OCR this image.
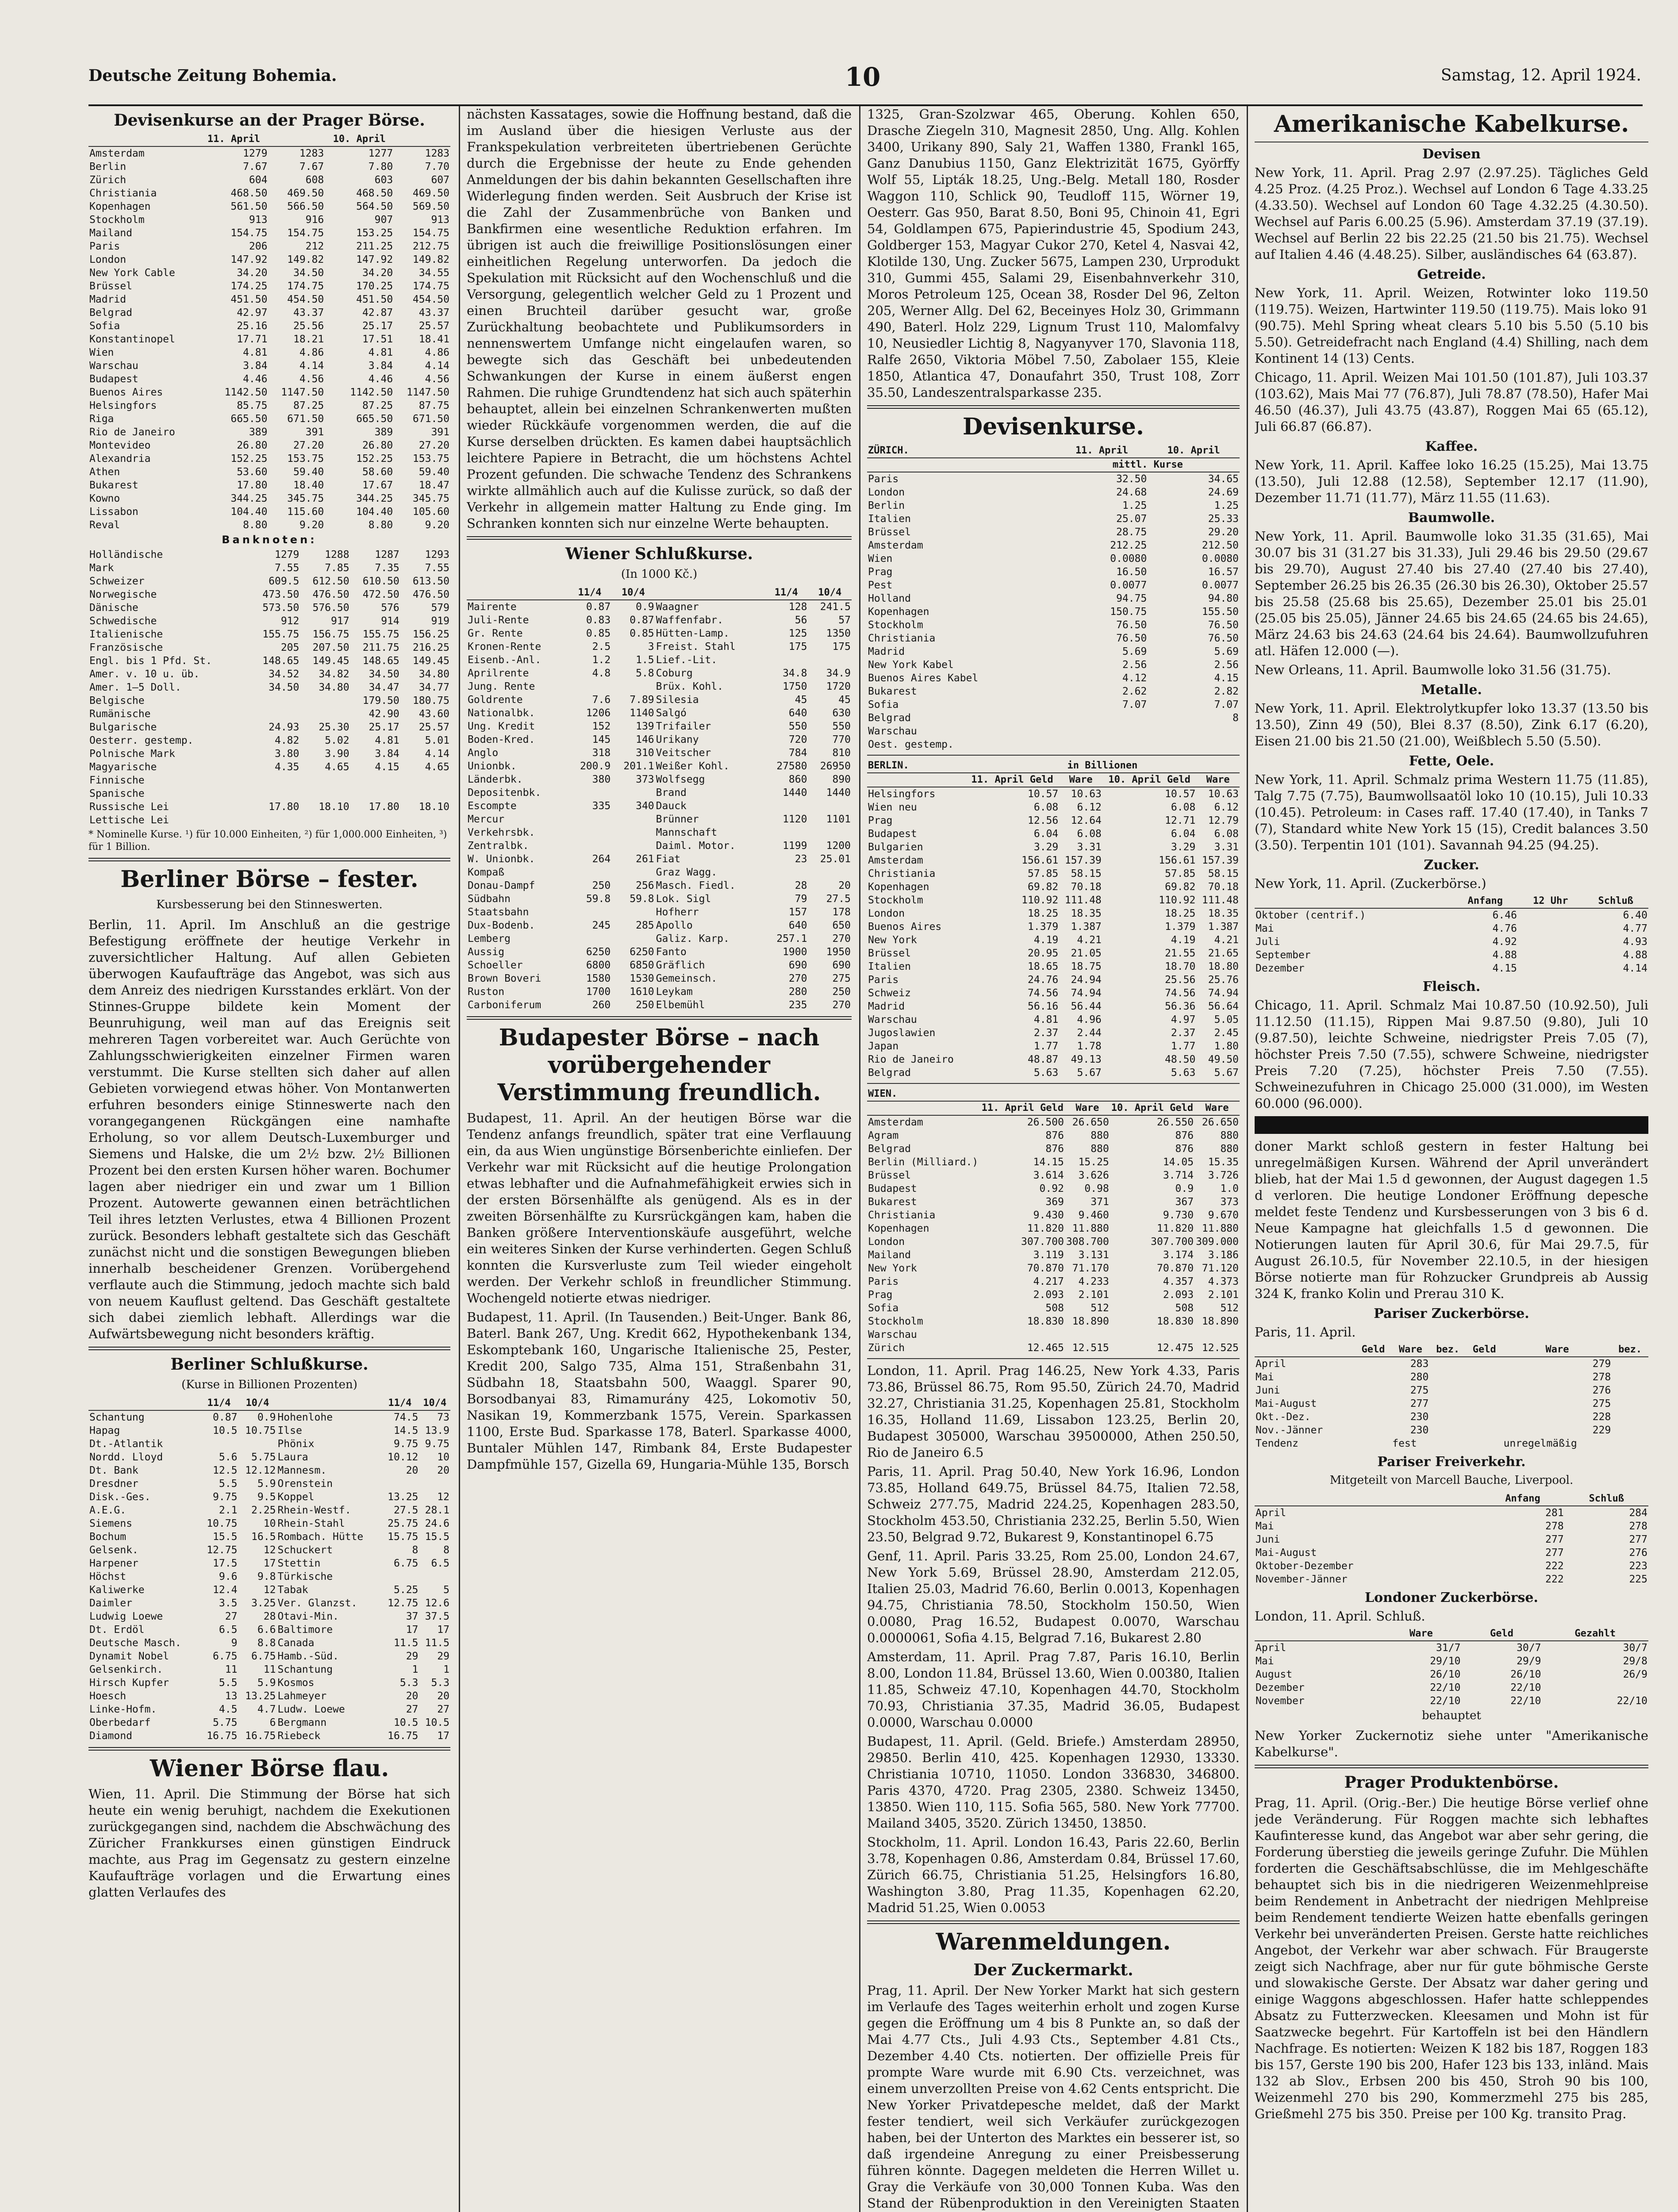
Deutsche Zeitung Bohemia.	10	Samstag, 12. April 1924.
Devisenkurse an der Prager Börse.
	11. April		10. April	
Amsterdam	1279	1283	1277	1283
Berlin	7.67	7.67	7.80	7.70
Zürich	604	608	603	607
Christiania	468.50	469.50	468.50	469.50
Kopenhagen	561.50	566.50	564.50	569.50
Stockholm	913	916	907	913
Mailand	154.75	154.75	153.25	154.75
Paris	206	212	211.25	212.75
London	147.92	149.82	147.92	149.82
New York Cable	34.20	34.50	34.20	34.55
Brüssel	174.25	174.75	170.25	174.75
Madrid	451.50	454.50	451.50	454.50
Belgrad	42.97	43.37	42.87	43.37
Sofia	25.16	25.56	25.17	25.57
Konstantinopel	17.71	18.21	17.51	18.41
Wien	4.81	4.86	4.81	4.86
Warschau	3.84	4.14	3.84	4.14
Budapest	4.46	4.56	4.46	4.56
Buenos Aires	1142.50	1147.50	1142.50	1147.50
Helsingfors	85.75	87.25	87.25	87.75
Riga	665.50	671.50	665.50	671.50
Rio de Janeiro	389	391	389	391
Montevideo	26.80	27.20	26.80	27.20
Alexandria	152.25	153.75	152.25	153.75
Athen	53.60	59.40	58.60	59.40
Bukarest	17.80	18.40	17.67	18.47
Kowno	344.25	345.75	344.25	345.75
Lissabon	104.40	115.60	104.40	105.60
Reval	8.80	9.20	8.80	9.20
Banknoten:
Holländische	1279	1288	1287	1293
Mark	7.55	7.85	7.35	7.55
Schweizer	609.5	612.50	610.50	613.50
Norwegische	473.50	476.50	472.50	476.50
Dänische	573.50	576.50	576	579
Schwedische	912	917	914	919
Italienische	155.75	156.75	155.75	156.25
Französische	205	207.50	211.75	216.25
Engl. bis 1 Pfd. St.	148.65	149.45	148.65	149.45
Amer. v. 10 u. üb.	34.52	34.82	34.50	34.80
Amer. 1–5 Doll.	34.50	34.80	34.47	34.77
Belgische			179.50	180.75
Rumänische			42.90	43.60
Bulgarische	24.93	25.30	25.17	25.57
Oesterr. gestemp.	4.82	5.02	4.81	5.01
Polnische Mark	3.80	3.90	3.84	4.14
Magyarische	4.35	4.65	4.15	4.65
Finnische				
Spanische				
Russische Lei	17.80	18.10	17.80	18.10
Lettische Lei				
* Nominelle Kurse. ¹) für 10.000 Einheiten, ²) für 1,000.000 Einheiten, ³) für 1 Billion.
Berliner Börse – fester.
Kursbesserung bei den Stinneswerten.

Berlin, 11. April. Im Anschluß an die gestrige Befestigung eröffnete der heutige Verkehr in zuversichtlicher Haltung. Auf allen Gebieten überwogen Kaufaufträge das Angebot, was sich aus dem Anreiz des niedrigen Kursstandes erklärt. Von der Stinnes-Gruppe bildete kein Moment der Beunruhigung, weil man auf das Ereignis seit mehreren Tagen vorbereitet war. Auch Gerüchte von Zahlungsschwierigkeiten einzelner Firmen waren verstummt. Die Kurse stellten sich daher auf allen Gebieten vorwiegend etwas höher. Von Montanwerten erfuhren besonders einige Stinneswerte nach den vorangegangenen Rückgängen eine namhafte Erholung, so vor allem Deutsch-Luxemburger und Siemens und Halske, die um 2½ bzw. 2½ Billionen Prozent bei den ersten Kursen höher waren. Bochumer lagen aber niedriger ein und zwar um 1 Billion Prozent. Autowerte gewannen einen beträchtlichen Teil ihres letzten Verlustes, etwa 4 Billionen Prozent zurück. Besonders lebhaft gestaltete sich das Geschäft zunächst nicht und die sonstigen Bewegungen blieben innerhalb bescheidener Grenzen. Vorübergehend verflaute auch die Stimmung, jedoch machte sich bald von neuem Kauflust geltend. Das Geschäft gestaltete sich dabei ziemlich lebhaft. Allerdings war die Aufwärtsbewegung nicht besonders kräftig.

Berliner Schlußkurse.
(Kurse in Billionen Prozenten)
	11/4	10/4		11/4	10/4
Schantung	0.87	0.9	Hohenlohe	74.5	73
Hapag	10.5	10.75	Ilse	14.5	13.9
Dt.-Atlantik			Phönix	9.75	9.75
Nordd. Lloyd	5.6	5.75	Laura	10.12	10
Dt. Bank	12.5	12.12	Mannesm.	20	20
Dresdner	5.5	5.9	Orenstein		
Disk.-Ges.	9.75	9.5	Koppel	13.25	12
A.E.G.	2.1	2.25	Rhein-Westf.	27.5	28.1
Siemens	10.75	10	Rhein-Stahl	25.75	24.6
Bochum	15.5	16.5	Rombach. Hütte	15.75	15.5
Gelsenk.	12.75	12	Schuckert	8	8
Harpener	17.5	17	Stettin	6.75	6.5
Höchst	9.6	9.8	Türkische		
Kaliwerke	12.4	12	Tabak	5.25	5
Daimler	3.5	3.25	Ver. Glanzst.	12.75	12.6
Ludwig Loewe	27	28	Otavi-Min.	37	37.5
Dt. Erdöl	6.5	6.6	Baltimore	17	17
Deutsche Masch.	9	8.8	Canada	11.5	11.5
Dynamit Nobel	6.75	6.75	Hamb.-Süd.	29	29
Gelsenkirch.	11	11	Schantung	1	1
Hirsch Kupfer	5.5	5.9	Kosmos	5.3	5.3
Hoesch	13	13.25	Lahmeyer	20	20
Linke-Hofm.	4.5	4.7	Ludw. Loewe	27	27
Oberbedarf	5.75	6	Bergmann	10.5	10.5
Diamond	16.75	16.75	Riebeck	16.75	17
Wiener Börse flau.

Wien, 11. April. Die Stimmung der Börse hat sich heute ein wenig beruhigt, nachdem die Exekutionen zurückgegangen sind, nachdem die Abschwächung des Züricher Frankkurses einen günstigen Eindruck machte, aus Prag im Gegensatz zu gestern einzelne Kaufaufträge vorlagen und die Erwartung eines glatten Verlaufes des

nächsten Kassatages, sowie die Hoffnung bestand, daß die im Ausland über die hiesigen Verluste aus der Frankspekulation verbreiteten übertriebenen Gerüchte durch die Ergebnisse der heute zu Ende gehenden Anmeldungen der bis dahin bekannten Gesellschaften ihre Widerlegung finden werden. Seit Ausbruch der Krise ist die Zahl der Zusammenbrüche von Banken und Bankfirmen eine wesentliche Reduktion erfahren. Im übrigen ist auch die freiwillige Positionslösungen einer einheitlichen Regelung unterworfen. Da jedoch die Spekulation mit Rücksicht auf den Wochenschluß und die Versorgung, gelegentlich welcher Geld zu 1 Prozent und einen Bruchteil darüber gesucht war, große Zurückhaltung beobachtete und Publikumsorders in nennenswertem Umfange nicht eingelaufen waren, so bewegte sich das Geschäft bei unbedeutenden Schwankungen der Kurse in einem äußerst engen Rahmen. Die ruhige Grundtendenz hat sich auch späterhin behauptet, allein bei einzelnen Schrankenwerten mußten wieder Rückkäufe vorgenommen werden, die auf die Kurse derselben drückten. Es kamen dabei hauptsächlich leichtere Papiere in Betracht, die um höchstens Achtel Prozent gefunden. Die schwache Tendenz des Schrankens wirkte allmählich auch auf die Kulisse zurück, so daß der Verkehr in allgemein matter Haltung zu Ende ging. Im Schranken konnten sich nur einzelne Werte behaupten.

Wiener Schlußkurse.
(In 1000 Kč.)
	11/4	10/4		11/4	10/4
Mairente	0.87	0.9	Waagner	128	241.5
Juli-Rente	0.83	0.87	Waffenfabr.	56	57
Gr. Rente	0.85	0.85	Hütten-Lamp.	125	1350
Kronen-Rente	2.5	3	Freist. Stahl	175	175
Eisenb.-Anl.	1.2	1.5	Lief.-Lit.		
Aprilrente	4.8	5.8	Coburg	34.8	34.9
Jung. Rente			Brüx. Kohl.	1750	1720
Goldrente	7.6	7.89	Silesia	45	45
Nationalbk.	1206	1140	Salgó	640	630
Ung. Kredit	152	139	Trifailer	550	550
Boden-Kred.	145	146	Urikany	720	770
Anglo	318	310	Veitscher	784	810
Unionbk.	200.9	201.1	Weißer Kohl.	27580	26950
Länderbk.	380	373	Wolfsegg	860	890
Depositenbk.			Brand	1440	1440
Escompte	335	340	Dauck		
Mercur			Brünner	1120	1101
Verkehrsbk.			Mannschaft		
Zentralbk.			Daiml. Motor.	1199	1200
W. Unionbk.	264	261	Fiat	23	25.01
Kompaß			Graz Wagg.		
Donau-Dampf	250	256	Masch. Fiedl.	28	20
Südbahn	59.8	59.8	Lok. Sigl	79	27.5
Staatsbahn			Hofherr	157	178
Dux-Bodenb.	245	285	Apollo	640	650
Lemberg			Galiz. Karp.	257.1	270
Aussig	6250	6250	Fanto	1900	1950
Schoeller	6800	6850	Gräflich	690	690
Brown Boveri	1580	1530	Gemeinsch.	270	275
Ruston	1700	1610	Leykam	280	250
Carboniferum	260	250	Elbemühl	235	270
Budapester Börse – nach vorübergehender Verstimmung freundlich.

Budapest, 11. April. An der heutigen Börse war die Tendenz anfangs freundlich, später trat eine Verflauung ein, da aus Wien ungünstige Börsenberichte einliefen. Der Verkehr war mit Rücksicht auf die heutige Prolongation etwas lebhafter und die Aufnahmefähigkeit erwies sich in der ersten Börsenhälfte als genügend. Als es in der zweiten Börsenhälfte zu Kursrückgängen kam, haben die Banken größere Interventionskäufe ausgeführt, welche ein weiteres Sinken der Kurse verhinderten. Gegen Schluß konnten die Kursverluste zum Teil wieder eingeholt werden. Der Verkehr schloß in freundlicher Stimmung. Wochengeld notierte etwas niedriger.

Budapest, 11. April. (In Tausenden.) Beit-Unger. Bank 86, Baterl. Bank 267, Ung. Kredit 662, Hypothekenbank 134, Eskomptebank 160, Ungarische Italienische 25, Pester, Kredit 200, Salgo 735, Alma 151, Straßenbahn 31, Südbahn 18, Staatsbahn 500, Waaggl. Sparer 90, Borsodbanyai 83, Rimamurány 425, Lokomotiv 50, Nasikan 19, Kommerzbank 1575, Verein. Sparkassen 1100, Erste Bud. Sparkasse 178, Baterl. Sparkasse 4000, Buntaler Mühlen 147, Rimbank 84, Erste Budapester Dampfmühle 157, Gizella 69, Hungaria-Mühle 135, Borsch

1325, Gran-Szolzwar 465, Oberung. Kohlen 650, Drasche Ziegeln 310, Magnesit 2850, Ung. Allg. Kohlen 3400, Urikany 890, Saly 21, Waffen 1380, Frankl 165, Ganz Danubius 1150, Ganz Elektrizität 1675, Györffy Wolf 55, Lipták 18.25, Ung.-Belg. Metall 180, Rosder Waggon 110, Schlick 90, Teudloff 115, Wörner 19, Oesterr. Gas 950, Barat 8.50, Boni 95, Chinoin 41, Egri 54, Goldlampen 675, Papierindustrie 45, Spodium 243, Goldberger 153, Magyar Cukor 270, Ketel 4, Nasvai 42, Klotilde 130, Ung. Zucker 5675, Lampen 230, Urprodukt 310, Gummi 455, Salami 29, Eisenbahnverkehr 310, Moros Petroleum 125, Ocean 38, Rosder Del 96, Zelton 205, Werner Allg. Del 62, Beceinyes Holz 30, Grimmann 490, Baterl. Holz 229, Lignum Trust 110, Malomfalvy 10, Neusiedler Lichtig 8, Nagyanyver 170, Slavonia 118, Ralfe 2650, Viktoria Möbel 7.50, Zabolaer 155, Kleie 1850, Atlantica 47, Donaufahrt 350, Trust 108, Zorr 35.50, Landeszentralsparkasse 235.

Devisenkurse.
ZÜRICH.	11. April	10. April
	mittl. Kurse	
Paris	32.50	34.65
London	24.68	24.69
Berlin	1.25	1.25
Italien	25.07	25.33
Brüssel	28.75	29.20
Amsterdam	212.25	212.50
Wien	0.0080	0.0080
Prag	16.50	16.57
Pest	0.0077	0.0077
Holland	94.75	94.80
Kopenhagen	150.75	155.50
Stockholm	76.50	76.50
Christiania	76.50	76.50
Madrid	5.69	5.69
New York Kabel	2.56	2.56
Buenos Aires Kabel	4.12	4.15
Bukarest	2.62	2.82
Sofia	7.07	7.07
Belgrad		8
Warschau		
Oest. gestemp.		
BERLIN.	in Billionen			
	11. April Geld	Ware	10. April Geld	Ware
Helsingfors	10.57	10.63	10.57	10.63
Wien neu	6.08	6.12	6.08	6.12
Prag	12.56	12.64	12.71	12.79
Budapest	6.04	6.08	6.04	6.08
Bulgarien	3.29	3.31	3.29	3.31
Amsterdam	156.61	157.39	156.61	157.39
Christiania	57.85	58.15	57.85	58.15
Kopenhagen	69.82	70.18	69.82	70.18
Stockholm	110.92	111.48	110.92	111.48
London	18.25	18.35	18.25	18.35
Buenos Aires	1.379	1.387	1.379	1.387
New York	4.19	4.21	4.19	4.21
Brüssel	20.95	21.05	21.55	21.65
Italien	18.65	18.75	18.70	18.80
Paris	24.76	24.94	25.56	25.76
Schweiz	74.56	74.94	74.56	74.94
Madrid	56.16	56.44	56.36	56.64
Warschau	4.81	4.96	4.97	5.05
Jugoslawien	2.37	2.44	2.37	2.45
Japan	1.77	1.78	1.77	1.80
Rio de Janeiro	48.87	49.13	48.50	49.50
Belgrad	5.63	5.67	5.63	5.67
WIEN.				
	11. April Geld	Ware	10. April Geld	Ware
Amsterdam	26.500	26.650	26.550	26.650
Agram	876	880	876	880
Belgrad	876	880	876	880
Berlin (Milliard.)	14.15	15.25	14.05	15.35
Brüssel	3.614	3.626	3.714	3.726
Budapest	0.92	0.98	0.9	1.0
Bukarest	369	371	367	373
Christiania	9.430	9.460	9.730	9.670
Kopenhagen	11.820	11.880	11.820	11.880
London	307.700	308.700	307.700	309.000
Mailand	3.119	3.131	3.174	3.186
New York	70.870	71.170	70.870	71.120
Paris	4.217	4.233	4.357	4.373
Prag	2.093	2.101	2.093	2.101
Sofia	508	512	508	512
Stockholm	18.830	18.890	18.830	18.890
Warschau				
Zürich	12.465	12.515	12.475	12.525

London, 11. April. Prag 146.25, New York 4.33, Paris 73.86, Brüssel 86.75, Rom 95.50, Zürich 24.70, Madrid 32.27, Christiania 31.25, Kopenhagen 25.81, Stockholm 16.35, Holland 11.69, Lissabon 123.25, Berlin 20, Budapest 305000, Warschau 39500000, Athen 250.50, Rio de Janeiro 6.5

Paris, 11. April. Prag 50.40, New York 16.96, London 73.85, Holland 649.75, Brüssel 84.75, Italien 72.58, Schweiz 277.75, Madrid 224.25, Kopenhagen 283.50, Stockholm 453.50, Christiania 232.25, Berlin 5.50, Wien 23.50, Belgrad 9.72, Bukarest 9, Konstantinopel 6.75

Genf, 11. April. Paris 33.25, Rom 25.00, London 24.67, New York 5.69, Brüssel 28.90, Amsterdam 212.05, Italien 25.03, Madrid 76.60, Berlin 0.0013, Kopenhagen 94.75, Christiania 78.50, Stockholm 150.50, Wien 0.0080, Prag 16.52, Budapest 0.0070, Warschau 0.0000061, Sofia 4.15, Belgrad 7.16, Bukarest 2.80

Amsterdam, 11. April. Prag 7.87, Paris 16.10, Berlin 8.00, London 11.84, Brüssel 13.60, Wien 0.00380, Italien 11.85, Schweiz 47.10, Kopenhagen 44.70, Stockholm 70.93, Christiania 37.35, Madrid 36.05, Budapest 0.0000, Warschau 0.0000

Budapest, 11. April. (Geld. Briefe.) Amsterdam 28950, 29850. Berlin 410, 425. Kopenhagen 12930, 13330. Christiania 10710, 11050. London 336830, 346800. Paris 4370, 4720. Prag 2305, 2380. Schweiz 13450, 13850. Wien 110, 115. Sofia 565, 580. New York 77700. Mailand 3405, 3520. Zürich 13450, 13850.

Stockholm, 11. April. London 16.43, Paris 22.60, Berlin 3.78, Kopenhagen 0.86, Amsterdam 0.84, Brüssel 17.60, Zürich 66.75, Christiania 51.25, Helsingfors 16.80, Washington 3.80, Prag 11.35, Kopenhagen 62.20, Madrid 51.25, Wien 0.0053

Warenmeldungen.
Der Zuckermarkt.

Prag, 11. April. Der New Yorker Markt hat sich gestern im Verlaufe des Tages weiterhin erholt und zogen Kurse gegen die Eröffnung um 4 bis 8 Punkte an, so daß der Mai 4.77 Cts., Juli 4.93 Cts., September 4.81 Cts., Dezember 4.40 Cts. notierten. Der offizielle Preis für prompte Ware wurde mit 6.90 Cts. verzeichnet, was einem unverzollten Preise von 4.62 Cents entspricht. Die New Yorker Privatdepesche meldet, daß der Markt fester tendiert, weil sich Verkäufer zurückgezogen haben, bei der Unterton des Marktes ein besserer ist, so daß irgendeine Anregung zu einer Preisbesserung führen könnte. Dagegen meldeten die Herren Willet u. Gray die Verkäufe von 30,000 Tonnen Kuba. Was den Stand der Rübenproduktion in den Vereinigten Staaten

Amerikanische Kabelkurse.
Devisen

New York, 11. April. Prag 2.97 (2.97.25). Tägliches Geld 4.25 Proz. (4.25 Proz.). Wechsel auf London 6 Tage 4.33.25 (4.33.50). Wechsel auf London 60 Tage 4.32.25 (4.30.50). Wechsel auf Paris 6.00.25 (5.96). Amsterdam 37.19 (37.19). Wechsel auf Berlin 22 bis 22.25 (21.50 bis 21.75). Wechsel auf Italien 4.46 (4.48.25). Silber, ausländisches 64 (63.87).

Getreide.

New York, 11. April. Weizen, Rotwinter loko 119.50 (119.75). Weizen, Hartwinter 119.50 (119.75). Mais loko 91 (90.75). Mehl Spring wheat clears 5.10 bis 5.50 (5.10 bis 5.50). Getreidefracht nach England (4.4) Shilling, nach dem Kontinent 14 (13) Cents.

Chicago, 11. April. Weizen Mai 101.50 (101.87), Juli 103.37 (103.62), Mais Mai 77 (76.87), Juli 78.87 (78.50), Hafer Mai 46.50 (46.37), Juli 43.75 (43.87), Roggen Mai 65 (65.12), Juli 66.87 (66.87).

Kaffee.

New York, 11. April. Kaffee loko 16.25 (15.25), Mai 13.75 (13.50), Juli 12.88 (12.58), September 12.17 (11.90), Dezember 11.71 (11.77), März 11.55 (11.63).

Baumwolle.

New York, 11. April. Baumwolle loko 31.35 (31.65), Mai 30.07 bis 31 (31.27 bis 31.33), Juli 29.46 bis 29.50 (29.67 bis 29.70), August 27.40 bis 27.40 (27.40 bis 27.40), September 26.25 bis 26.35 (26.30 bis 26.30), Oktober 25.57 bis 25.58 (25.68 bis 25.65), Dezember 25.01 bis 25.01 (25.05 bis 25.05), Jänner 24.65 bis 24.65 (24.65 bis 24.65), März 24.63 bis 24.63 (24.64 bis 24.64). Baumwollzufuhren atl. Häfen 12.000 (—).

New Orleans, 11. April. Baumwolle loko 31.56 (31.75).

Metalle.

New York, 11. April. Elektrolytkupfer loko 13.37 (13.50 bis 13.50), Zinn 49 (50), Blei 8.37 (8.50), Zink 6.17 (6.20), Eisen 21.00 bis 21.50 (21.00), Weißblech 5.50 (5.50).

Fette, Oele.

New York, 11. April. Schmalz prima Western 11.75 (11.85), Talg 7.75 (7.75), Baumwollsaatöl loko 10 (10.15), Juli 10.33 (10.45). Petroleum: in Cases raff. 17.40 (17.40), in Tanks 7 (7), Standard white New York 15 (15), Credit balances 3.50 (3.50). Terpentin 101 (101). Savannah 94.25 (94.25).

Zucker.

New York, 11. April. (Zuckerbörse.)

	Anfang	12 Uhr	Schluß
Oktober (centrif.)	6.46		6.40
Mai	4.76		4.77
Juli	4.92		4.93
September	4.88		4.88
Dezember	4.15		4.14
Fleisch.

Chicago, 11. April. Schmalz Mai 10.87.50 (10.92.50), Juli 11.12.50 (11.15), Rippen Mai 9.87.50 (9.80), Juli 10 (9.87.50), leichte Schweine, niedrigster Preis 7.05 (7), höchster Preis 7.50 (7.55), schwere Schweine, niedrigster Preis 7.20 (7.25), höchster Preis 7.50 (7.55). Schweinezufuhren in Chicago 25.000 (31.000), im Westen 60.000 (96.000).

doner Markt schloß gestern in fester Haltung bei unregelmäßigen Kursen. Während der April unverändert blieb, hat der Mai 1.5 d gewonnen, der August dagegen 1.5 d verloren. Die heutige Londoner Eröffnung depesche meldet feste Tendenz und Kursbesserungen von 3 bis 6 d. Neue Kampagne hat gleichfalls 1.5 d gewonnen. Die Notierungen lauten für April 30.6, für Mai 29.7.5, für August 26.10.5, für November 22.10.5, in der hiesigen Börse notierte man für Rohzucker Grundpreis ab Aussig 324 K, franko Kolin und Prerau 310 K.

Pariser Zuckerbörse.

Paris, 11. April.

	Geld	Ware	bez.	Geld	Ware	bez.
April		283			279	
Mai		280			278	
Juni		275			276	
Mai-August		277			275	
Okt.-Dez.		230			228	
Nov.-Jänner		230			229	
Tendenz		fest			unregelmäßig	
Pariser Freiverkehr.
Mitgeteilt von Marcell Bauche, Liverpool.
	Anfang	Schluß
April	281	284
Mai	278	278
Juni	277	277
Mai-August	277	276
Oktober-Dezember	222	223
November-Jänner	222	225
Londoner Zuckerbörse.

London, 11. April. Schluß.

	Ware	Geld	Gezahlt
April	31/7	30/7	30/7
Mai	29/10	29/9	29/8
August	26/10	26/10	26/9
Dezember	22/10	22/10	
November	22/10	22/10	22/10
behauptet

New Yorker Zuckernotiz siehe unter "Amerikanische Kabelkurse".

Prager Produktenbörse.

Prag, 11. April. (Orig.-Ber.) Die heutige Börse verlief ohne jede Veränderung. Für Roggen machte sich lebhaftes Kaufinteresse kund, das Angebot war aber sehr gering, die Forderung überstieg die jeweils geringe Zufuhr. Die Mühlen forderten die Geschäftsabschlüsse, die im Mehlgeschäfte behauptet sich bis in die niedrigeren Weizenmehlpreise beim Rendement in Anbetracht der niedrigen Mehlpreise beim Rendement tendierte Weizen hatte ebenfalls geringen Verkehr bei unveränderten Preisen. Gerste hatte reichliches Angebot, der Verkehr war aber schwach. Für Braugerste zeigt sich Nachfrage, aber nur für gute böhmische Gerste und slowakische Gerste. Der Absatz war daher gering und einige Waggons abgeschlossen. Hafer hatte schleppendes Absatz zu Futterzwecken. Kleesamen und Mohn ist für Saatzwecke begehrt. Für Kartoffeln ist bei den Händlern Nachfrage. Es notierten: Weizen K 182 bis 187, Roggen 183 bis 157, Gerste 190 bis 200, Hafer 123 bis 133, inländ. Mais 132 ab Slov., Erbsen 200 bis 450, Stroh 90 bis 100, Weizenmehl 270 bis 290, Kommerzmehl 275 bis 285, Grießmehl 275 bis 350. Preise per 100 Kg. transito Prag.
